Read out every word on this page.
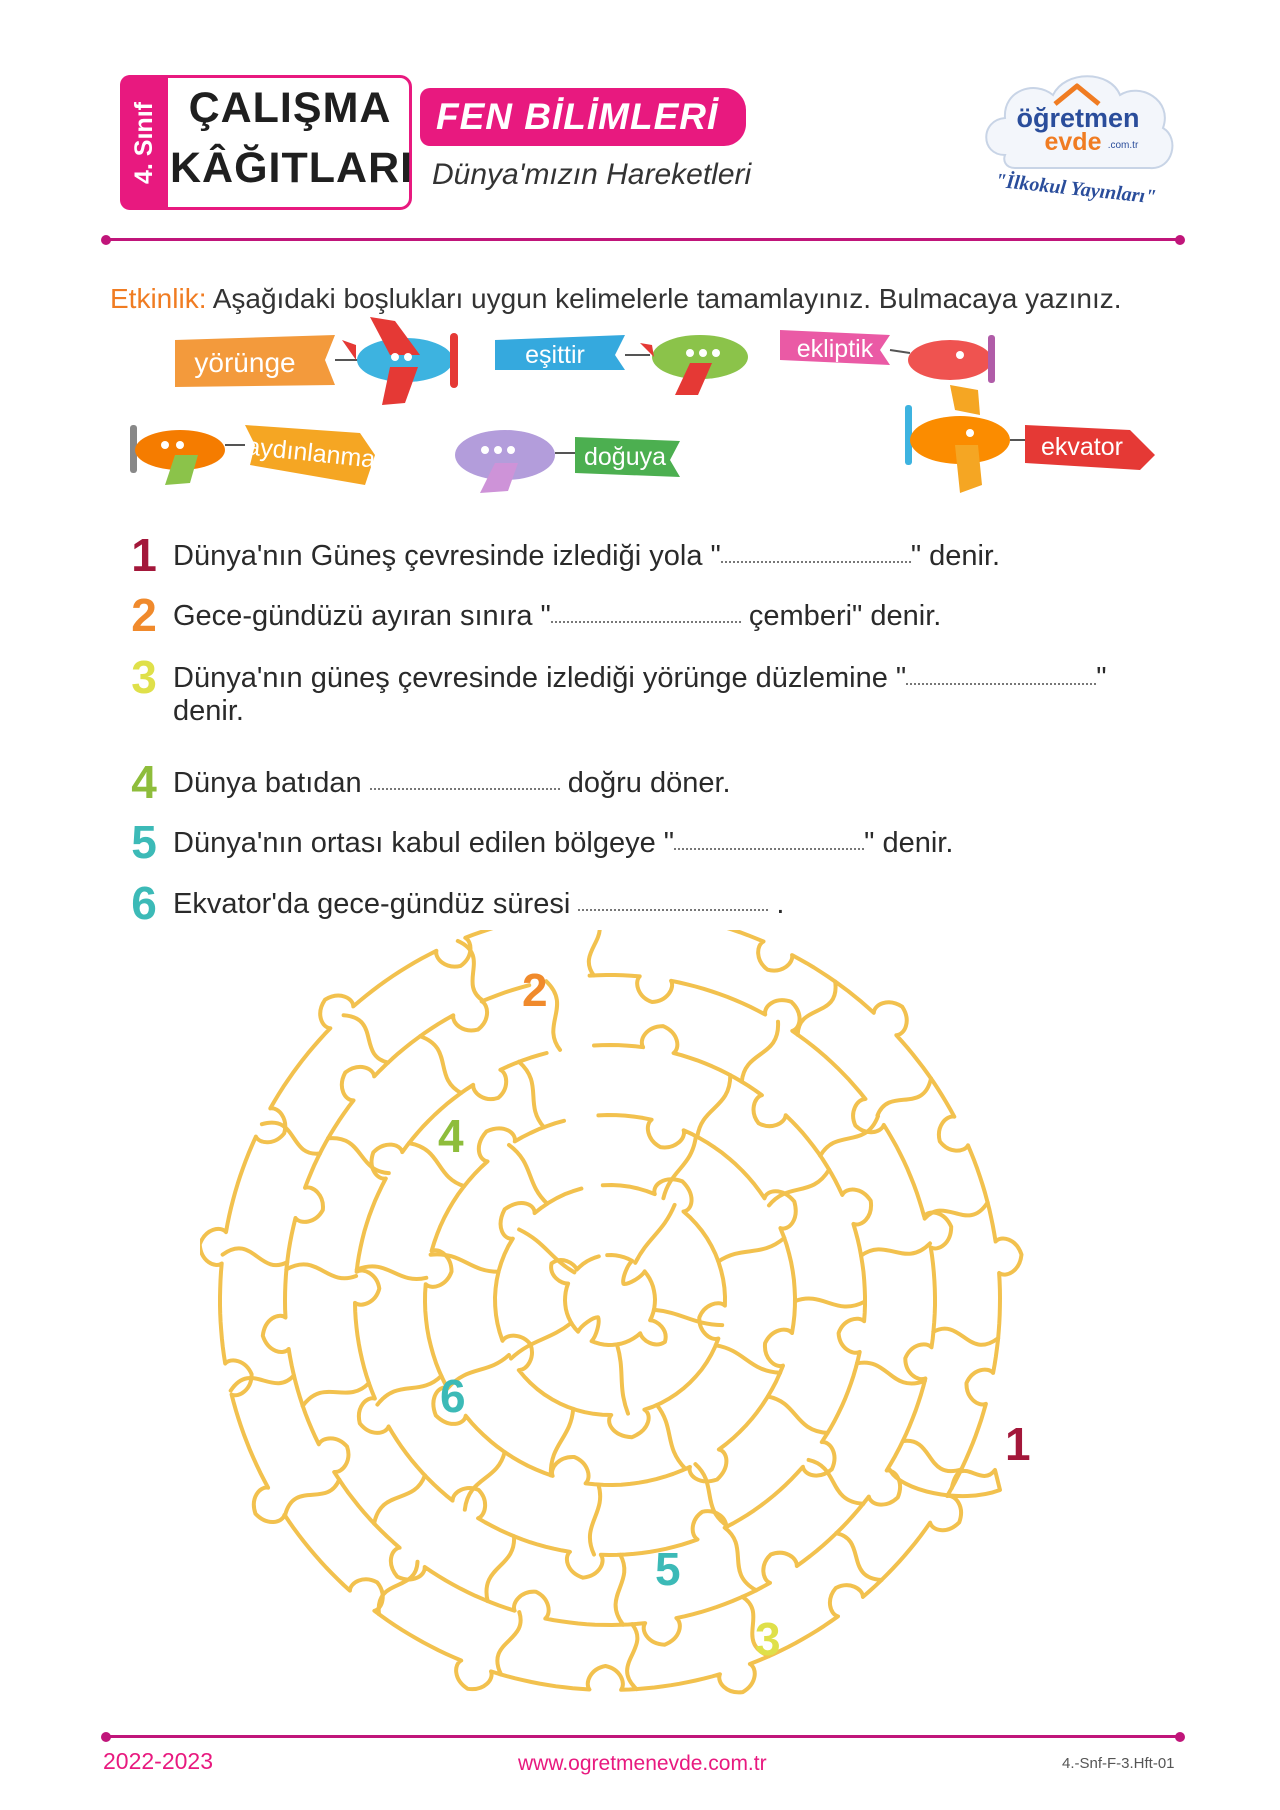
4. Sınıf ÇALIŞMA
KÂĞITLARI
FEN BİLİMLERİ
Dünya'mızın Hareketleri
öğretmen
evde .com.tr
"İlkokul Yayınları"
Etkinlik: Aşağıdaki boşlukları uygun kelimelerle tamamlayınız. Bulmacaya yazınız.
yörünge	eşittir	ekliptik
aydınlanma	doğuya	ekvator
1 Dünya'nın Güneş çevresinde izlediği yola "	" denir.
2 Gece-gündüzü ayıran sınıra "	çemberi" denir.
3 Dünya'nın güneş çevresinde izlediği yörünge düzlemine "	"
denir.
4 Dünya batıdan	doğru döner.
5 Dünya'nın ortası kabul edilen bölgeye "	" denir.
6 Ekvator'da gece-gündüz süresi	.
2
4
6
1
5
3
2022-2023	www.ogretmenevde.com.tr	4.-Snf-F-3.Hft-01
